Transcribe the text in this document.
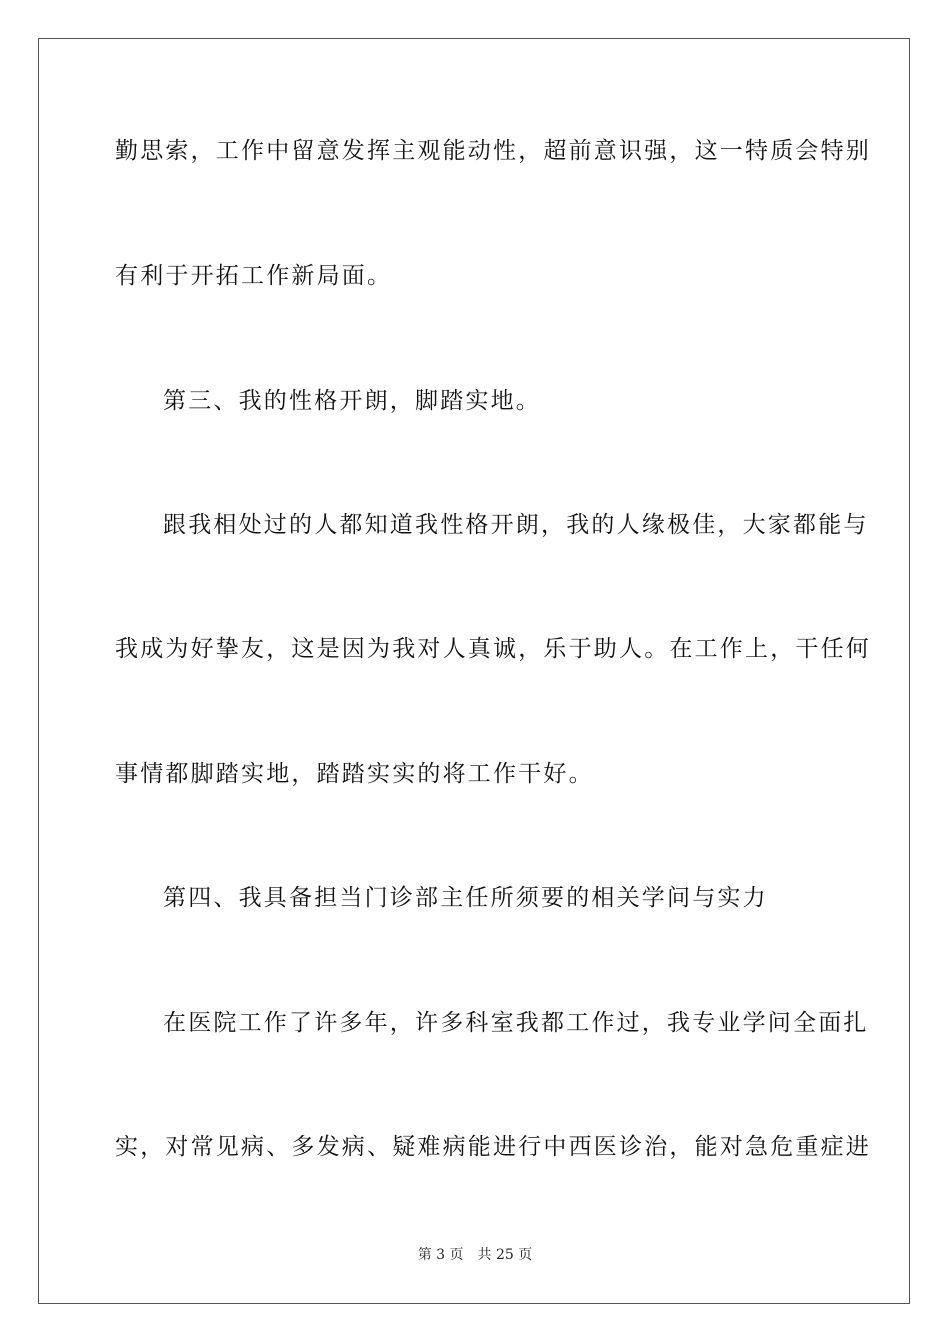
勤思索，工作中留意发挥主观能动性，超前意识强，这一特质会特别
有利于开拓工作新局面。
第三、我的性格开朗，脚踏实地。
跟我相处过的人都知道我性格开朗，我的人缘极佳，大家都能与
我成为好挚友，这是因为我对人真诚，乐于助人。在工作上，干任何
事情都脚踏实地，踏踏实实的将工作干好。
第四、我具备担当门诊部主任所须要的相关学问与实力
在医院工作了许多年，许多科室我都工作过，我专业学问全面扎
实，对常见病、多发病、疑难病能进行中西医诊治，能对急危重症进
第 3 页 共 25 页
